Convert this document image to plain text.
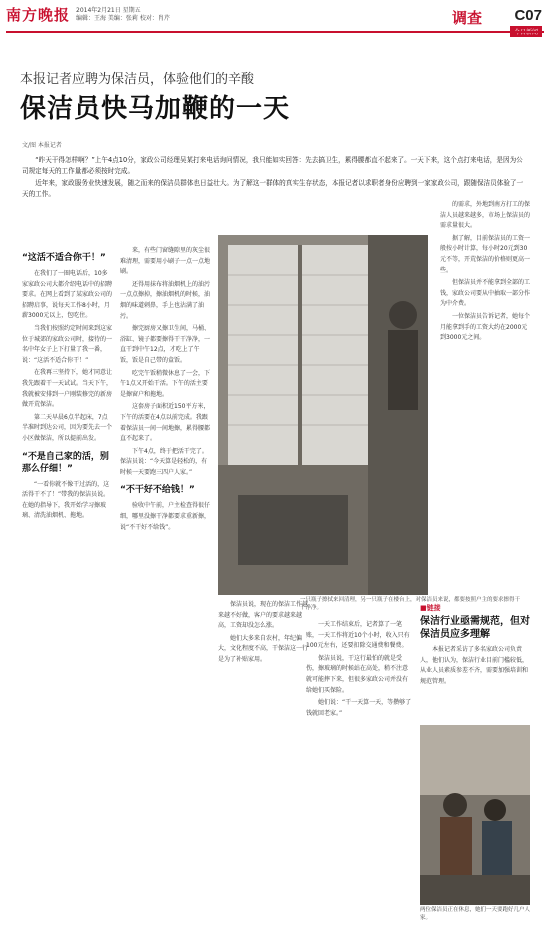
南方晚报 2014年2月21日 星期五
编辑：王海 美编：张莉 校对：肖芹	调查 C07
本报记者应聘为保洁员，体验他们的辛酸
保洁员快马加鞭的一天
文/图 本报记者

“昨天干得怎样啊？”上午4点10分，家政公司经理吴某打来电话询问情况，我只能如实回答：先去搞卫生，累得腰都直不起来了。一天下来，这个点打来电话，是因为公司规定每天的工作量都必须按时完成。

近年来，家政服务业快速发展，随之而来的保洁员群体也日益壮大。为了解这一群体的真实生存状态，本报记者以求职者身份应聘到一家家政公司，跟随保洁员体验了一天的工作。

“这活不适合你干！”

在我们了一圈电话后，10多家家政公司大都介绍电话中的招聘要求。在网上看到了某家政公司的招聘启事，说每天工作8小时，月薪3000元以上，包吃住。

当我们按照约定时间来到这家位于城郊的家政公司时，接待的一名中年女子上下打量了我一番，说：“这活不适合你干！”

在我再三坚持下，她才同意让我先跟着干一天试试。当天下午，我就被安排到一户刚装修完的新房做开荒保洁。

第二天早晨6点半起床，7点半准时到达公司，因为要先去一个小区做保洁，所以提前出发。

“不是自己家的活，别那么仔细！”

“一看你就不像干过活的，这活得干不了！”带我的保洁员说。在她的指导下，我开始学习擦玻璃、清洗油烟机、拖地。

来，有些门窗缝隙里的灰尘很难清理，需要用小刷子一点一点地刷。

还得用抹布将油烟机上的油污一点点擦掉，擦油烟机的时候，油烟的味道刺鼻，手上也沾满了油污。

擦完厨房又擦卫生间，马桶、浴缸、镜子都要擦得干干净净，一直干到中午12点，才吃上了午饭，饭是自己带的盒饭。

吃完午饭稍微休息了一会，下午1点又开始干活。下午的活主要是擦窗户和拖地。

这套房子面积近150平方米，下午的活要在4点以前完成。我跟着保洁员一间一间地擦，累得腰都直不起来了。

下午4点，终于把活干完了。保洁员说：“今天算是轻松的，有时候一天要跑三四户人家。”

“不干好不给钱！”

验收中午前，户主检查得很仔细，哪里没擦干净都要求重新擦，说“不干好不给钱”。

一只瓶子擦拭来回清理，另一只瓶子在楼台上，对保洁员来说，都要按照户主的要求擦得干干净净。

的需求，外地到南方打工的保洁人员越来越多，市场上保洁员的需求量很大。

据了解，目前保洁员的工资一般按小时计算，每小时20元到30元不等，开荒保洁的价格则更高一些。

但保洁员并不能拿到全部的工钱，家政公司要从中抽取一部分作为中介费。

一位保洁员告诉记者，她每个月能拿到手的工资大约在2000元到3000元之间。

保洁员说，现在的保洁工作越来越不好做，客户的要求越来越高，工资却没怎么涨。

她们大多来自农村，年纪偏大，文化程度不高，干保洁这一行是为了补贴家用。

一天工作结束后，记者算了一笔账，一天工作将近10个小时，收入只有100元左右，还要扣除交通费和餐费。

保洁员说，干这行最怕的就是受伤，擦玻璃的时候站在高处，稍不注意就可能摔下来，但很多家政公司并没有给她们买保险。

她们说：“干一天算一天，等攒够了钱就回老家。”

■链接
保洁行业亟需规范，但对保洁员应多理解

本报记者采访了多名家政公司负责人，他们认为，保洁行业目前门槛较低，从业人员素质参差不齐，需要加强培训和规范管理。

两位保洁员正在休息，她们一天要跑好几户人家。
